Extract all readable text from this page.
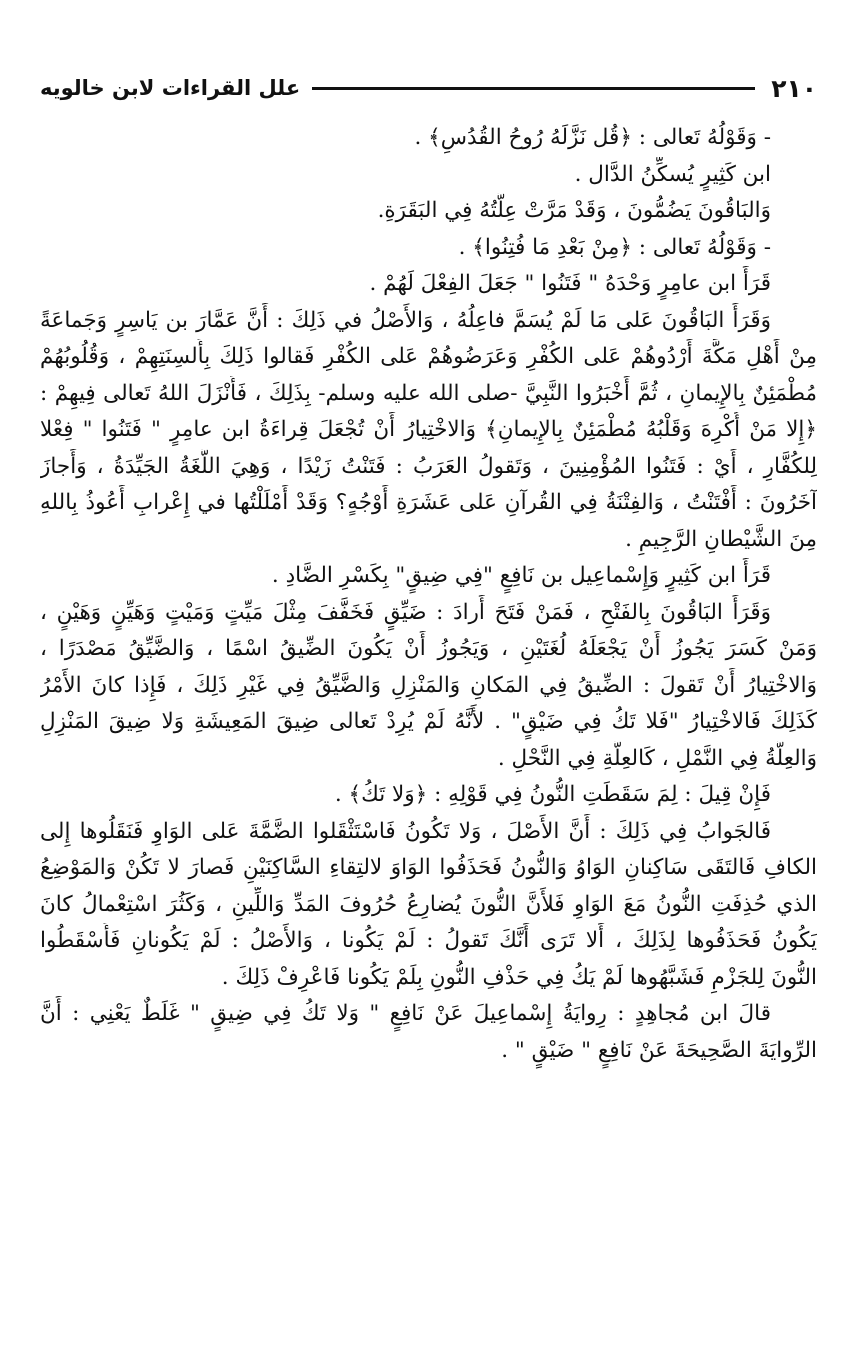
٢١٠
علل القراءات لابن خالويه
- وَقَوْلُهُ تَعالى : ﴿قُل نَزَّلَهُ رُوحُ القُدُسِ﴾ .
ابن كَثِيرٍ يُسكِّنُ الدَّال .
وَالبَاقُونَ يَضُمُّونَ ، وَقَدْ مَرَّتْ عِلَّتُهُ فِي البَقَرَةِ.
- وَقَوْلُهُ تَعالى : ﴿مِنْ بَعْدِ مَا فُتِنُوا﴾ .
قَرَأَ ابن عامِرٍ وَحْدَهُ " فَتَنُوا " جَعَلَ الفِعْلَ لَهُمْ .
وَقَرَأَ البَاقُونَ عَلى مَا لَمْ يُسَمَّ فاعِلُهُ ، وَالأَصْلُ في ذَلِكَ : أَنَّ عَمَّارَ بن يَاسِرٍ وَجَماعَةً
مِنْ أَهْلِ مَكَّةَ أَرْدُوهُمْ عَلى الكُفْرِ وَعَرَضُوهُمْ عَلى الكُفْرِ فَقالوا ذَلِكَ بِأَلسِنَتِهِمْ ، وَقُلُوبُهُمْ
مُطْمَئِنٌ بِالإِيمانِ ، ثُمَّ أَخْبَرُوا النَّبِيَّ -صلى الله عليه وسلم- بِذَلِكَ ، فَأَنْزَلَ اللهُ تَعالى فِيهِمْ :
﴿إِلا مَنْ أُكْرِهَ وَقَلْبُهُ مُطْمَئِنٌ بِالإِيمانِ﴾ وَالاخْتِيارُ أَنْ تُجْعَلَ قِراءَةُ ابن عامِرٍ " فَتَنُوا " فِعْلا
لِلكُفَّارِ ، أَيْ : فَتَنُوا المُؤْمِنِينَ ، وَتَقولُ العَرَبُ : فَتَنْتُ زَيْدًا ، وَهِيَ اللُّغَةُ الجَيِّدَةُ ، وَأَجازَ
آخَرُونَ : أَفْتَنْتُ ، وَالفِتْنَةُ فِي القُرآنِ عَلى عَشَرَةِ أَوْجُهٍ؟ وَقَدْ أَمْلَلْتُها في إِعْرابِ أَعُوذُ بِاللهِ
مِنَ الشَّيْطانِ الرَّجِيمِ .
قَرَأَ ابن كَثِيرٍ وَإِسْماعِيل بن نَافِعٍ "فِي ضِيقٍ" بِكَسْرِ الضَّادِ .
وَقَرَأَ البَاقُونَ بِالفَتْحِ ، فَمَنْ فَتَحَ أَرادَ : ضَيِّقٍ فَخَفَّفَ مِثْلَ مَيِّتٍ وَمَيْتٍ وَهَيِّنٍ وَهَيْنٍ ،
وَمَنْ كَسَرَ يَجُوزُ أَنْ يَجْعَلَهُ لُغَتَيْنِ ، وَيَجُوزُ أَنْ يَكُونَ الضِّيقُ اسْمًا ، وَالضَّيِّقُ مَصْدَرًا ،
وَالاخْتِيارُ أَنْ تَقولَ : الضِّيقُ فِي المَكانِ وَالمَنْزِلِ وَالضَّيِّقُ فِي غَيْرِ ذَلِكَ ، فَإِذا كانَ الأَمْرُ
كَذَلِكَ فَالاخْتِيارُ "فَلا تَكُ فِي ضَيْقٍ" . لأَنَّهُ لَمْ يُرِدْ تَعالى ضِيقَ المَعِيشَةِ وَلا ضِيقَ المَنْزِلِ
وَالعِلَّةُ فِي النَّمْلِ ، كَالعِلَّةِ فِي النَّحْلِ .
فَإِنْ قِيلَ : لِمَ سَقَطَتِ النُّونُ فِي قَوْلِهِ : ﴿وَلا تَكُ﴾ .
فَالجَوابُ فِي ذَلِكَ : أَنَّ الأَصْلَ ، وَلا تَكُونُ فَاسْتَثْقَلوا الضَّمَّةَ عَلى الوَاوِ فَنَقَلُوها إِلى
الكافِ فَالتَقَى سَاكِنانِ الوَاوُ وَالنُّونُ فَحَذَفُوا الوَاوَ لالتِقاءِ السَّاكِنَيْنِ فَصارَ لا تَكُنْ وَالمَوْضِعُ
الذي حُذِفَتِ النُّونُ مَعَ الوَاوِ فَلأَنَّ النُّونَ يُضارِعُ حُرُوفَ المَدِّ وَاللِّينِ ، وَكَثُرَ اسْتِعْمالُ كانَ
يَكُونُ فَحَذَفُوها لِذَلِكَ ، أَلا تَرَى أَنَّكَ تَقولُ : لَمْ يَكُونا ، وَالأَصْلُ : لَمْ يَكُونانِ فَأَسْقَطُوا
النُّونَ لِلجَزْمِ فَشَبَّهُوها لَمْ يَكُ فِي حَذْفِ النُّونِ بِلَمْ يَكُونا فَاعْرِفْ ذَلِكَ .
قالَ ابن مُجاهِدٍ : رِوايَةُ إِسْماعِيلَ عَنْ نَافِعٍ " وَلا تَكُ فِي ضِيقٍ " غَلَطٌ يَعْنِي : أَنَّ
الرِّوايَةَ الصَّحِيحَةَ عَنْ نَافِعٍ " ضَيْقٍ " .
